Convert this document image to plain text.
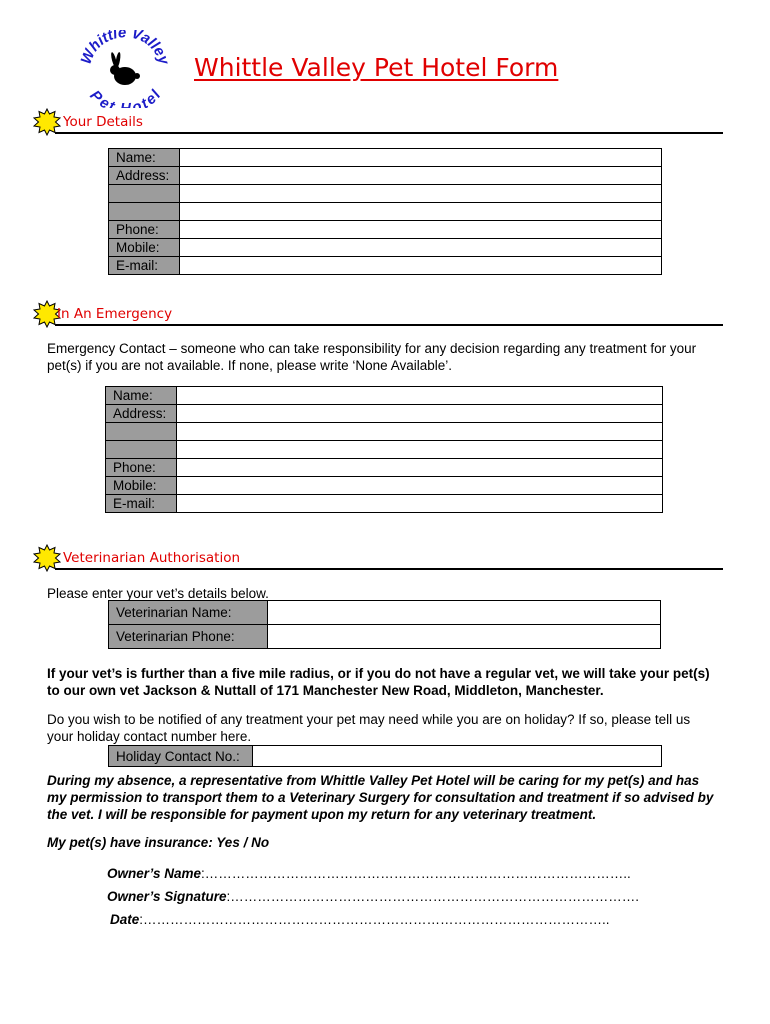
hittle Valle
Pet otel
Whittle Valley Pet Hotel Form
Your Details
Name:	
Address:	

Phone:	
Mobile:	
E-mail:	
In An Emergency
Emergency Contact – someone who can take responsibility for any decision regarding any treatment for your pet(s) if you are not available. If none, please write ‘None Available’.
Name:	
Address:	

Phone:	
Mobile:	
E-mail:	
Veterinarian Authorisation
Please enter your vet’s details below.
Veterinarian Name:	
Veterinarian Phone:	
If your vet’s is further than a five mile radius, or if you do not have a regular vet, we will take your pet(s) to our own vet Jackson & Nuttall of 171 Manchester New Road, Middleton, Manchester.
Do you wish to be notified of any treatment your pet may need while you are on holiday? If so, please tell us your holiday contact number here.
Holiday Contact No.:	
During my absence, a representative from Whittle Valley Pet Hotel will be caring for my pet(s) and has my permission to transport them to a Veterinary Surgery for consultation and treatment if so advised by the vet. I will be responsible for payment upon my return for any veterinary treatment.
My pet(s) have insurance: Yes / No
Owner’s Name:…………………………………………………………………………………..
Owner’s Signature:……………………………………………………………………………….
Date:…………………………………………………………………………………………..
